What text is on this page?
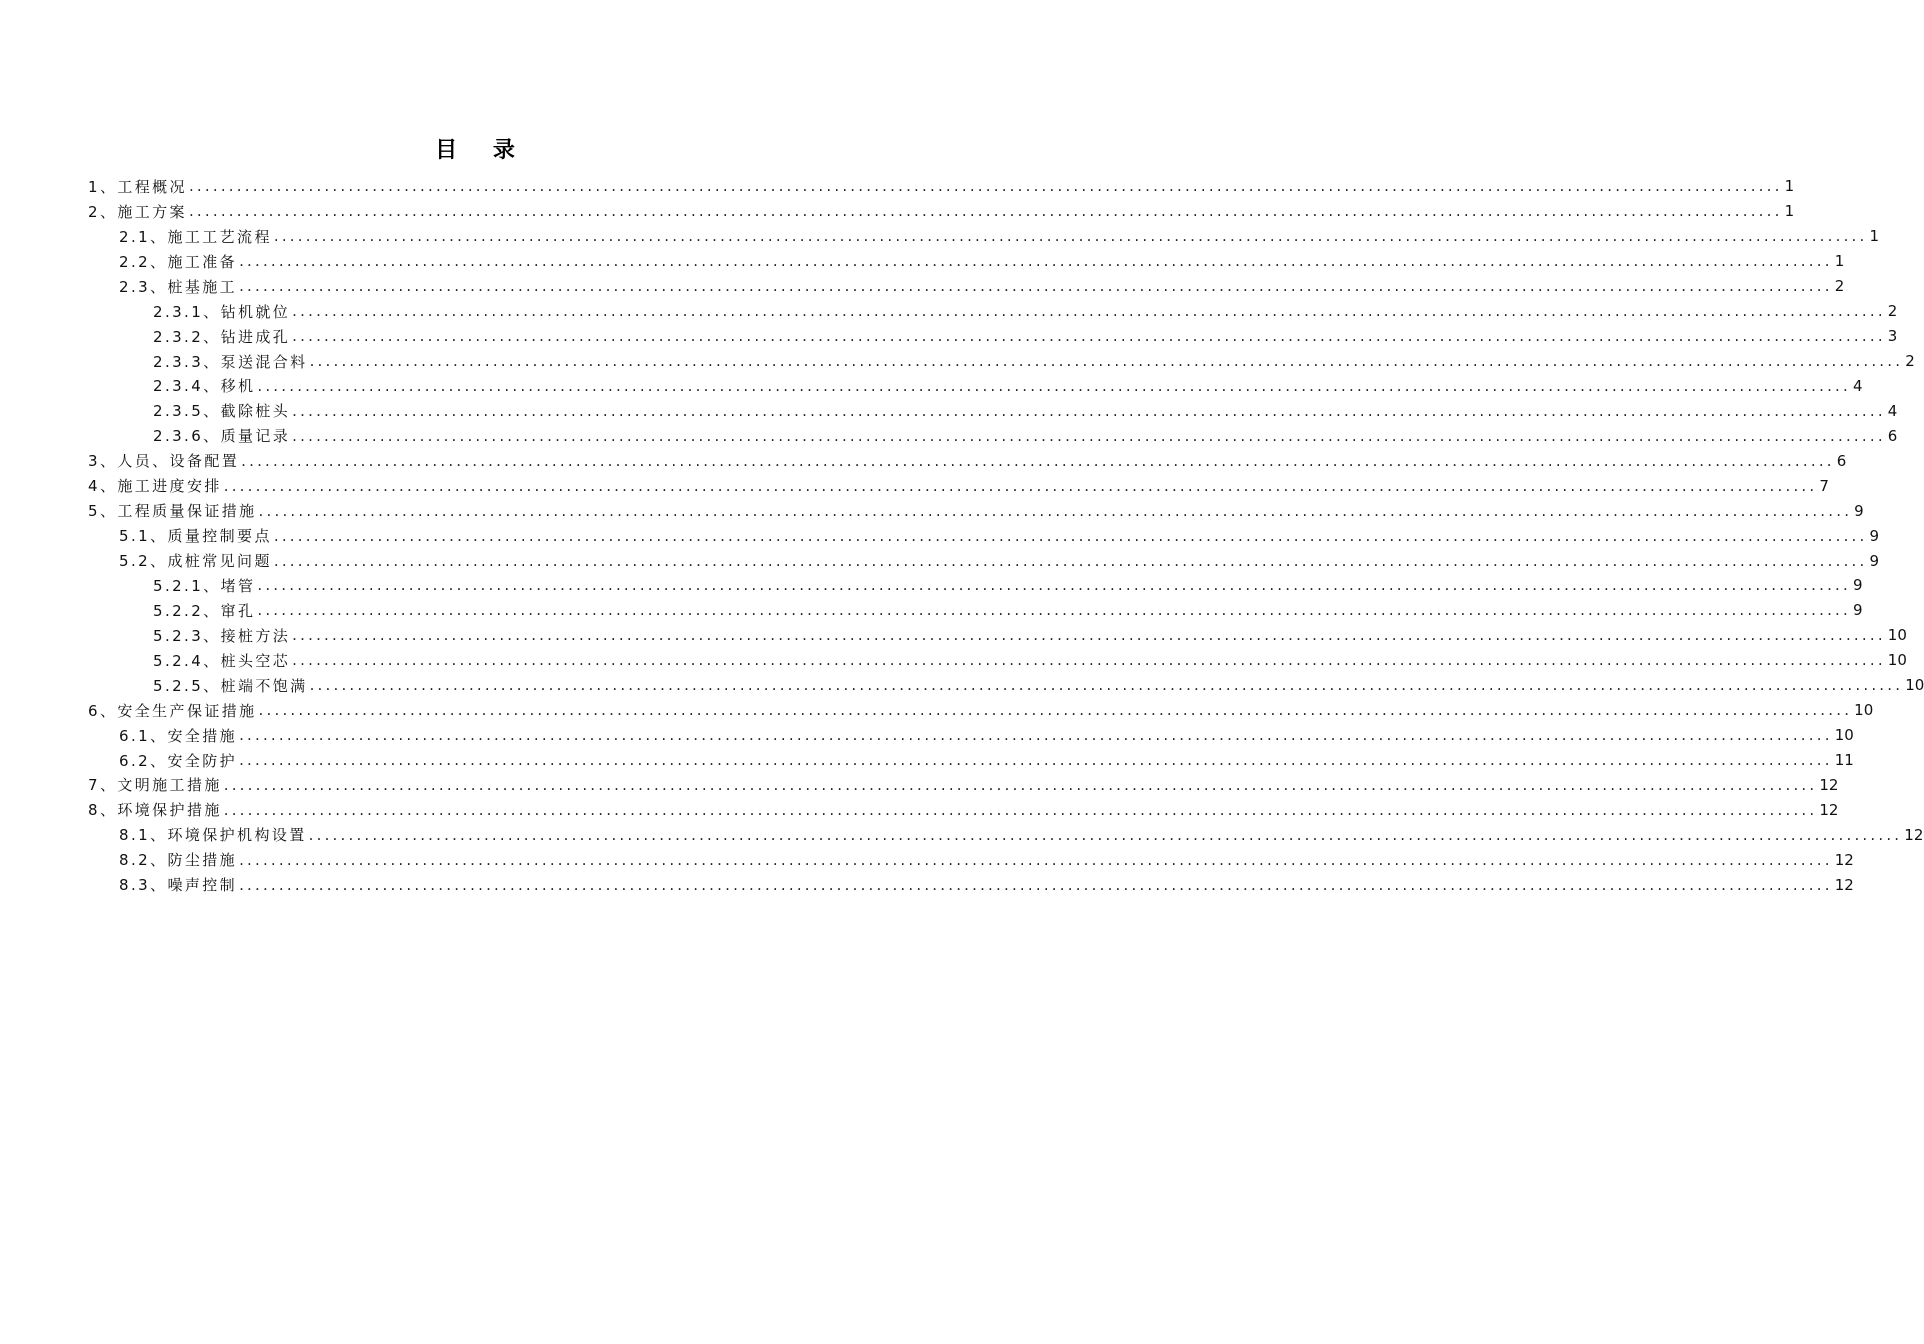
目 录
1、工程概况 ........................................................................................................................................................................................................ 1
2、施工方案 ........................................................................................................................................................................................................ 1
2.1、施工工艺流程 ........................................................................................................................................................................................................ 1
2.2、施工准备 ........................................................................................................................................................................................................ 1
2.3、桩基施工 ........................................................................................................................................................................................................ 2
2.3.1、钻机就位 ........................................................................................................................................................................................................ 2
2.3.2、钻进成孔 ........................................................................................................................................................................................................ 3
2.3.3、泵送混合料 ........................................................................................................................................................................................................ 2
2.3.4、移机 ........................................................................................................................................................................................................ 4
2.3.5、截除桩头 ........................................................................................................................................................................................................ 4
2.3.6、质量记录 ........................................................................................................................................................................................................ 6
3、人员、设备配置 ........................................................................................................................................................................................................ 6
4、施工进度安排 ........................................................................................................................................................................................................ 7
5、工程质量保证措施 ........................................................................................................................................................................................................ 9
5.1、质量控制要点 ........................................................................................................................................................................................................ 9
5.2、成桩常见问题 ........................................................................................................................................................................................................ 9
5.2.1、堵管 ........................................................................................................................................................................................................ 9
5.2.2、窜孔 ........................................................................................................................................................................................................ 9
5.2.3、接桩方法 ........................................................................................................................................................................................................ 10
5.2.4、桩头空芯 ........................................................................................................................................................................................................ 10
5.2.5、桩端不饱满 ........................................................................................................................................................................................................ 10
6、安全生产保证措施 ........................................................................................................................................................................................................ 10
6.1、安全措施 ........................................................................................................................................................................................................ 10
6.2、安全防护 ........................................................................................................................................................................................................ 11
7、文明施工措施 ........................................................................................................................................................................................................ 12
8、环境保护措施 ........................................................................................................................................................................................................ 12
8.1、环境保护机构设置 ........................................................................................................................................................................................................ 12
8.2、防尘措施 ........................................................................................................................................................................................................ 12
8.3、噪声控制 ........................................................................................................................................................................................................ 12
